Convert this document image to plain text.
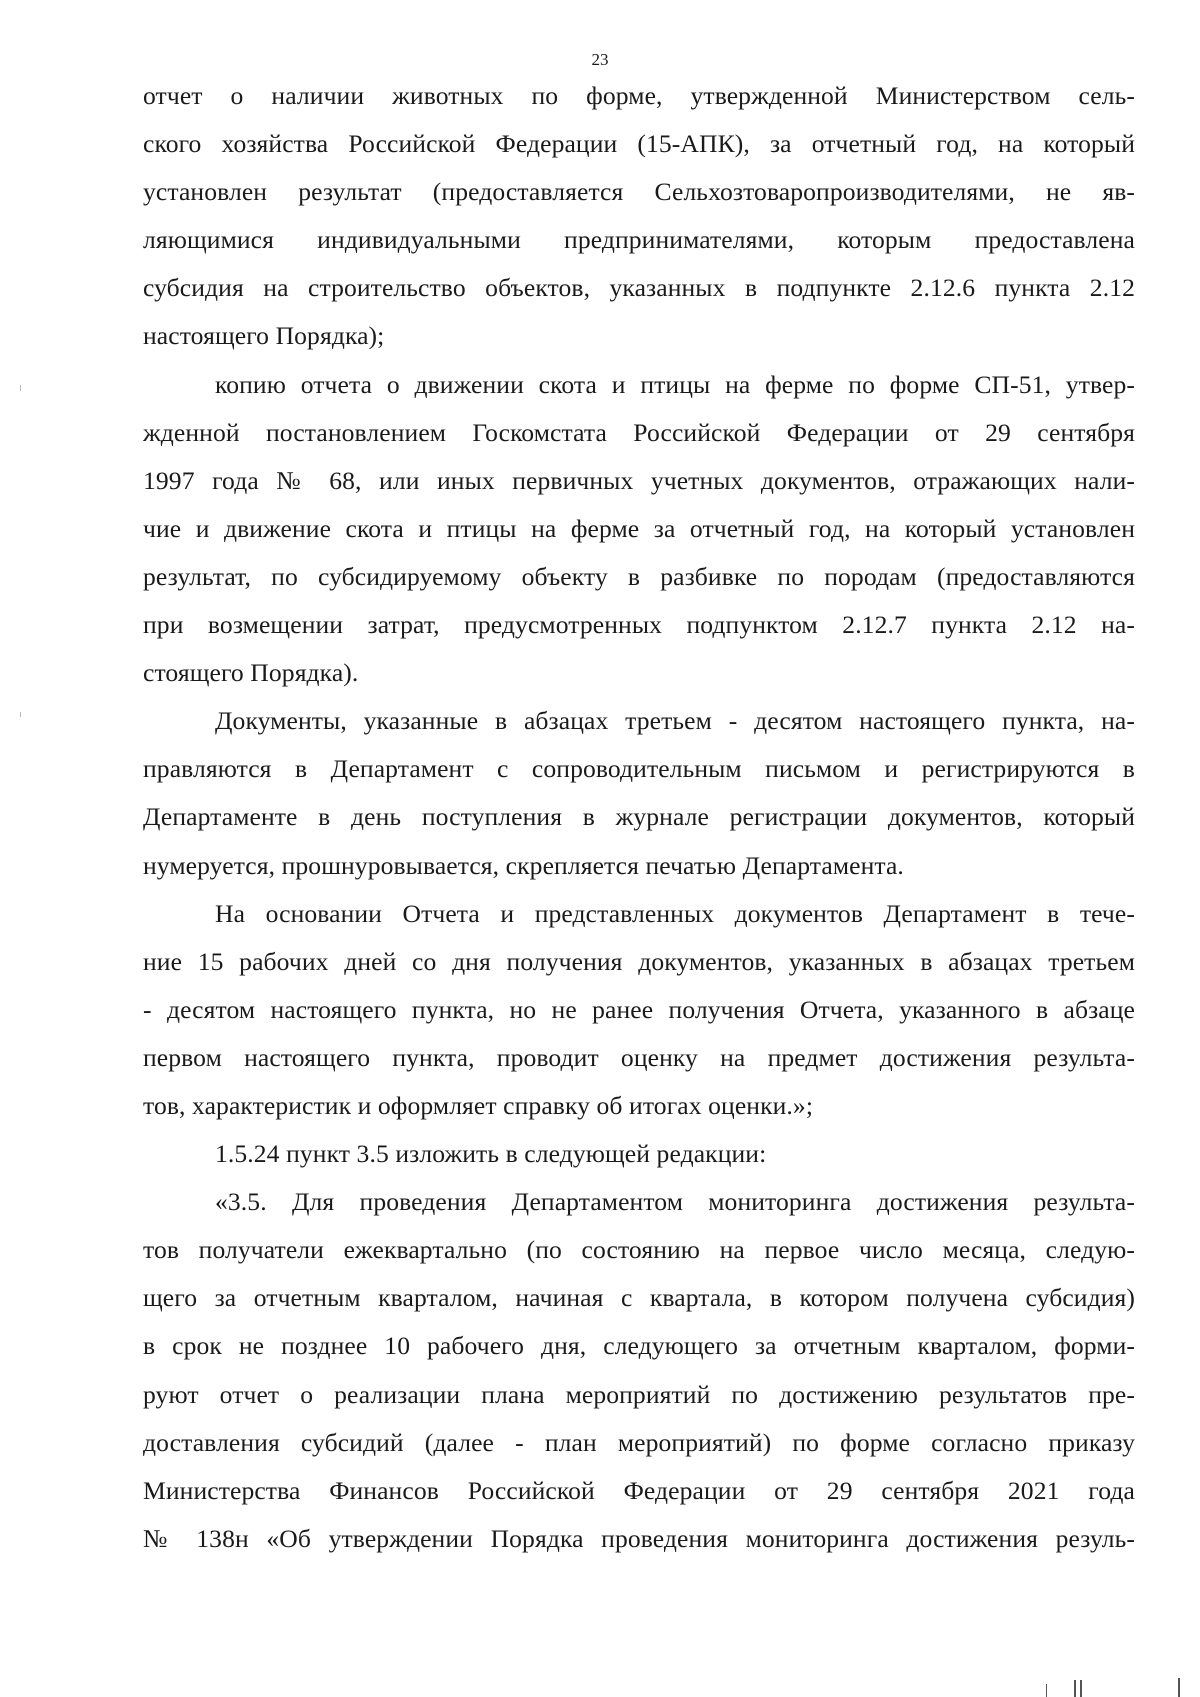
23

отчет о наличии животных по форме, утвержденной Министерством сель-
ского хозяйства Российской Федерации (15-АПК), за отчетный год, на который
установлен результат (предоставляется Сельхозтоваропроизводителями, не яв-
ляющимися индивидуальными предпринимателями, которым предоставлена
субсидия на строительство объектов, указанных в подпункте 2.12.6 пункта 2.12
настоящего Порядка);

копию отчета о движении скота и птицы на ферме по форме СП-51, утвер-
жденной постановлением Госкомстата Российской Федерации от 29 сентября
1997 года № 68, или иных первичных учетных документов, отражающих нали-
чие и движение скота и птицы на ферме за отчетный год, на который установлен
результат, по субсидируемому объекту в разбивке по породам (предоставляются
при возмещении затрат, предусмотренных подпунктом 2.12.7 пункта 2.12 на-
стоящего Порядка).

Документы, указанные в абзацах третьем - десятом настоящего пункта, на-
правляются в Департамент с сопроводительным письмом и регистрируются в
Департаменте в день поступления в журнале регистрации документов, который
нумеруется, прошнуровывается, скрепляется печатью Департамента.

На основании Отчета и представленных документов Департамент в тече-
ние 15 рабочих дней со дня получения документов, указанных в абзацах третьем
- десятом настоящего пункта, но не ранее получения Отчета, указанного в абзаце
первом настоящего пункта, проводит оценку на предмет достижения результа-
тов, характеристик и оформляет справку об итогах оценки.»;

1.5.24 пункт 3.5 изложить в следующей редакции:

«3.5. Для проведения Департаментом мониторинга достижения результа-
тов получатели ежеквартально (по состоянию на первое число месяца, следую-
щего за отчетным кварталом, начиная с квартала, в котором получена субсидия)
в срок не позднее 10 рабочего дня, следующего за отчетным кварталом, форми-
руют отчет о реализации плана мероприятий по достижению результатов пре-
доставления субсидий (далее - план мероприятий) по форме согласно приказу
Министерства Финансов Российской Федерации от 29 сентября 2021 года
№ 138н «Об утверждении Порядка проведения мониторинга достижения резуль-
